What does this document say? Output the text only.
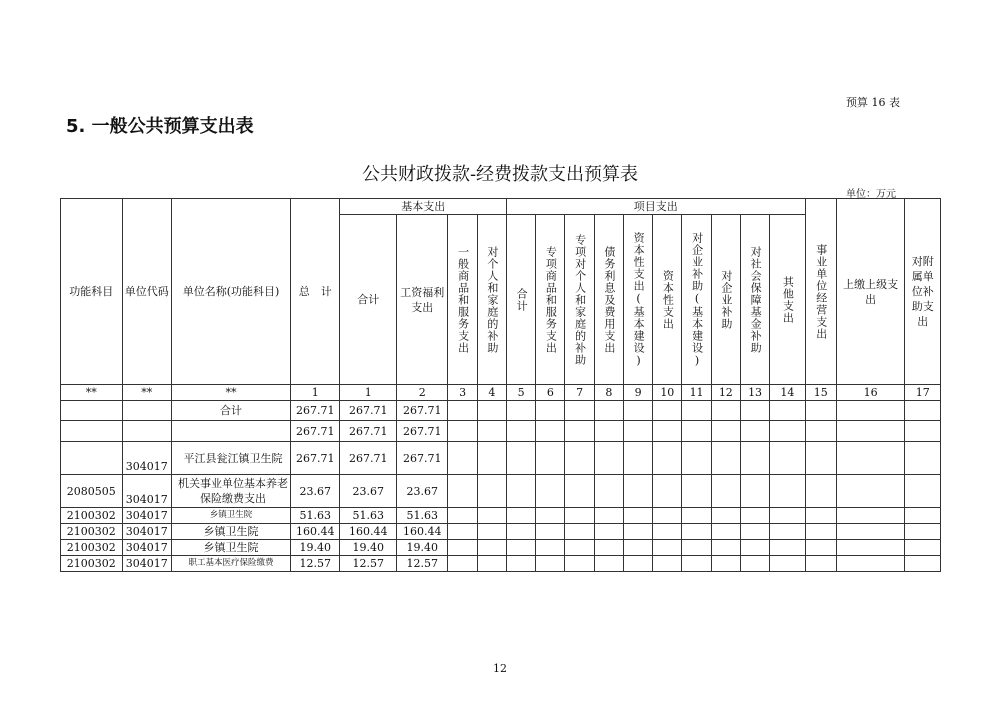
预算 16 表
5. 一般公共预算支出表
公共财政拨款-经费拨款支出预算表
单位：万元
功能科目	单位代码	单位名称(功能科目)	总　计	基本支出				项目支出										事业单位经营支出	上缴上级支出	对附属单位补助支出
				合计	工资福利支出	一般商品和服务支出	对个人和家庭的补助	合计	专项商品和服务支出	专项对个人和家庭的补助	债务利息及费用支出	资本性支出(基本建设)	资本性支出	对企业补助(基本建设)	对企业补助	对社会保障基金补助	其他支出			

**	**	**	1	1	2	3	4	5	6	7	8	9	10	11	12	13	14	15	16	17
		合计	267.71	267.71	267.71															
			267.71	267.71	267.71															
	304017	平江县瓮江镇卫生院	267.71	267.71	267.71															
2080505	304017	机关事业单位基本养老保险缴费支出	23.67	23.67	23.67															
2100302	304017	乡镇卫生院	51.63	51.63	51.63															
2100302	304017	乡镇卫生院	160.44	160.44	160.44															
2100302	304017	乡镇卫生院	19.40	19.40	19.40															
2100302	304017	职工基本医疗保险缴费	12.57	12.57	12.57															
12
